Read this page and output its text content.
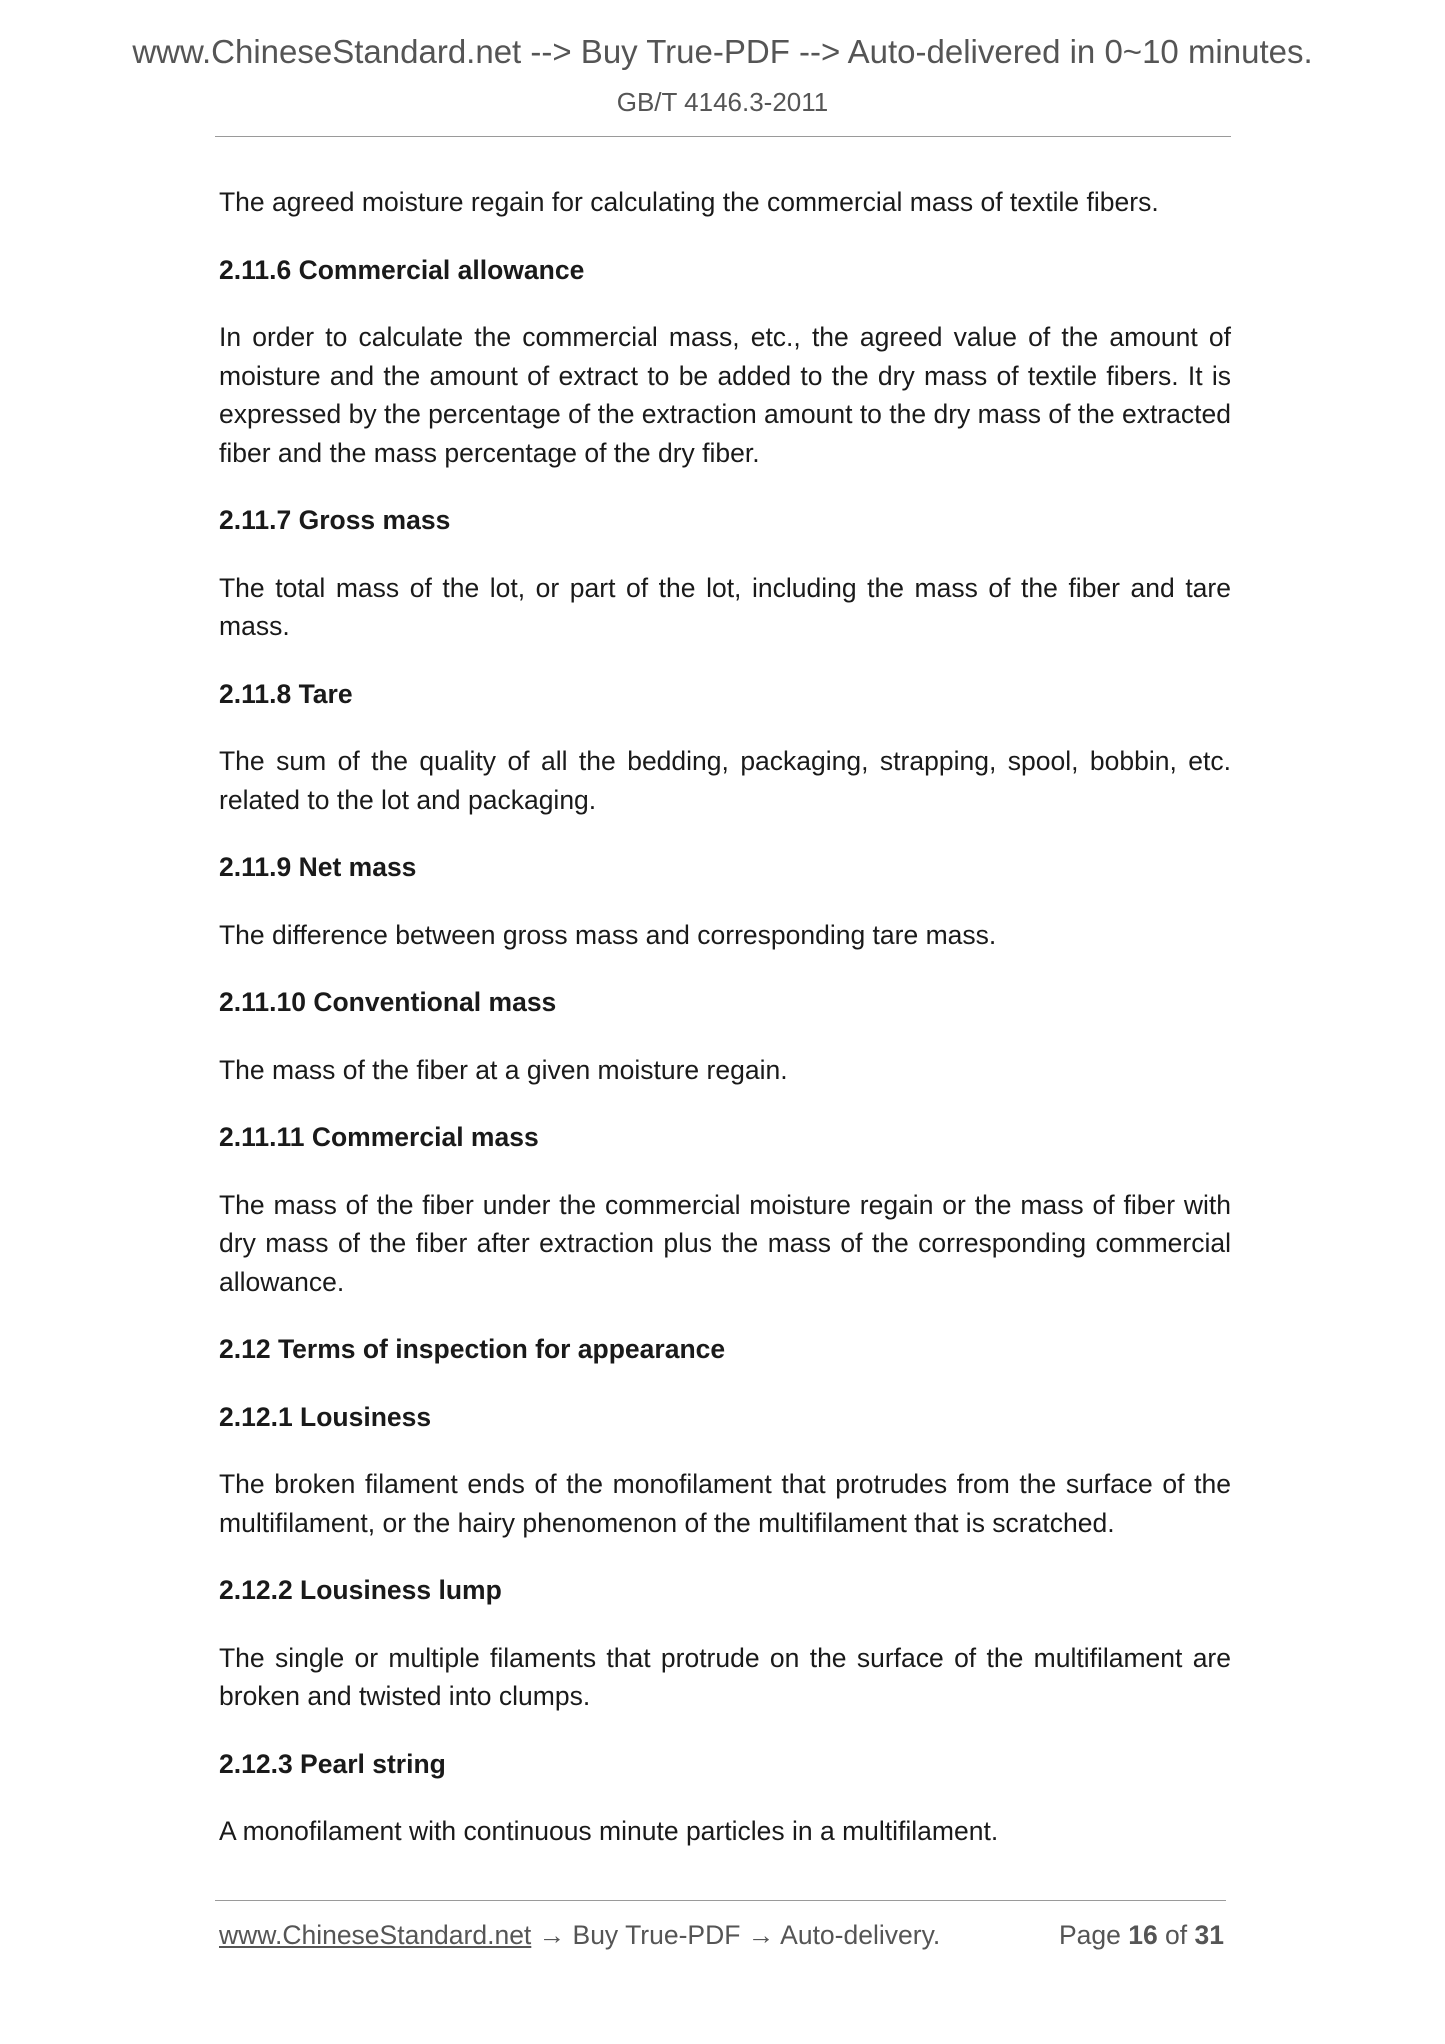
www.ChineseStandard.net --> Buy True-PDF --> Auto-delivered in 0~10 minutes.
GB/T 4146.3-2011

The agreed moisture regain for calculating the commercial mass of textile fibers.

2.11.6 Commercial allowance

In order to calculate the commercial mass, etc., the agreed value of the amount of moisture and the amount of extract to be added to the dry mass of textile fibers. It is expressed by the percentage of the extraction amount to the dry mass of the extracted fiber and the mass percentage of the dry fiber.

2.11.7 Gross mass

The total mass of the lot, or part of the lot, including the mass of the fiber and tare mass.

2.11.8 Tare

The sum of the quality of all the bedding, packaging, strapping, spool, bobbin, etc. related to the lot and packaging.

2.11.9 Net mass

The difference between gross mass and corresponding tare mass.

2.11.10 Conventional mass

The mass of the fiber at a given moisture regain.

2.11.11 Commercial mass

The mass of the fiber under the commercial moisture regain or the mass of fiber with dry mass of the fiber after extraction plus the mass of the corresponding commercial allowance.

2.12 Terms of inspection for appearance

2.12.1 Lousiness

The broken filament ends of the monofilament that protrudes from the surface of the multifilament, or the hairy phenomenon of the multifilament that is scratched.

2.12.2 Lousiness lump

The single or multiple filaments that protrude on the surface of the multifilament are broken and twisted into clumps.

2.12.3 Pearl string

A monofilament with continuous minute particles in a multifilament.

www.ChineseStandard.net → Buy True-PDF → Auto-delivery.	Page 16 of 31
